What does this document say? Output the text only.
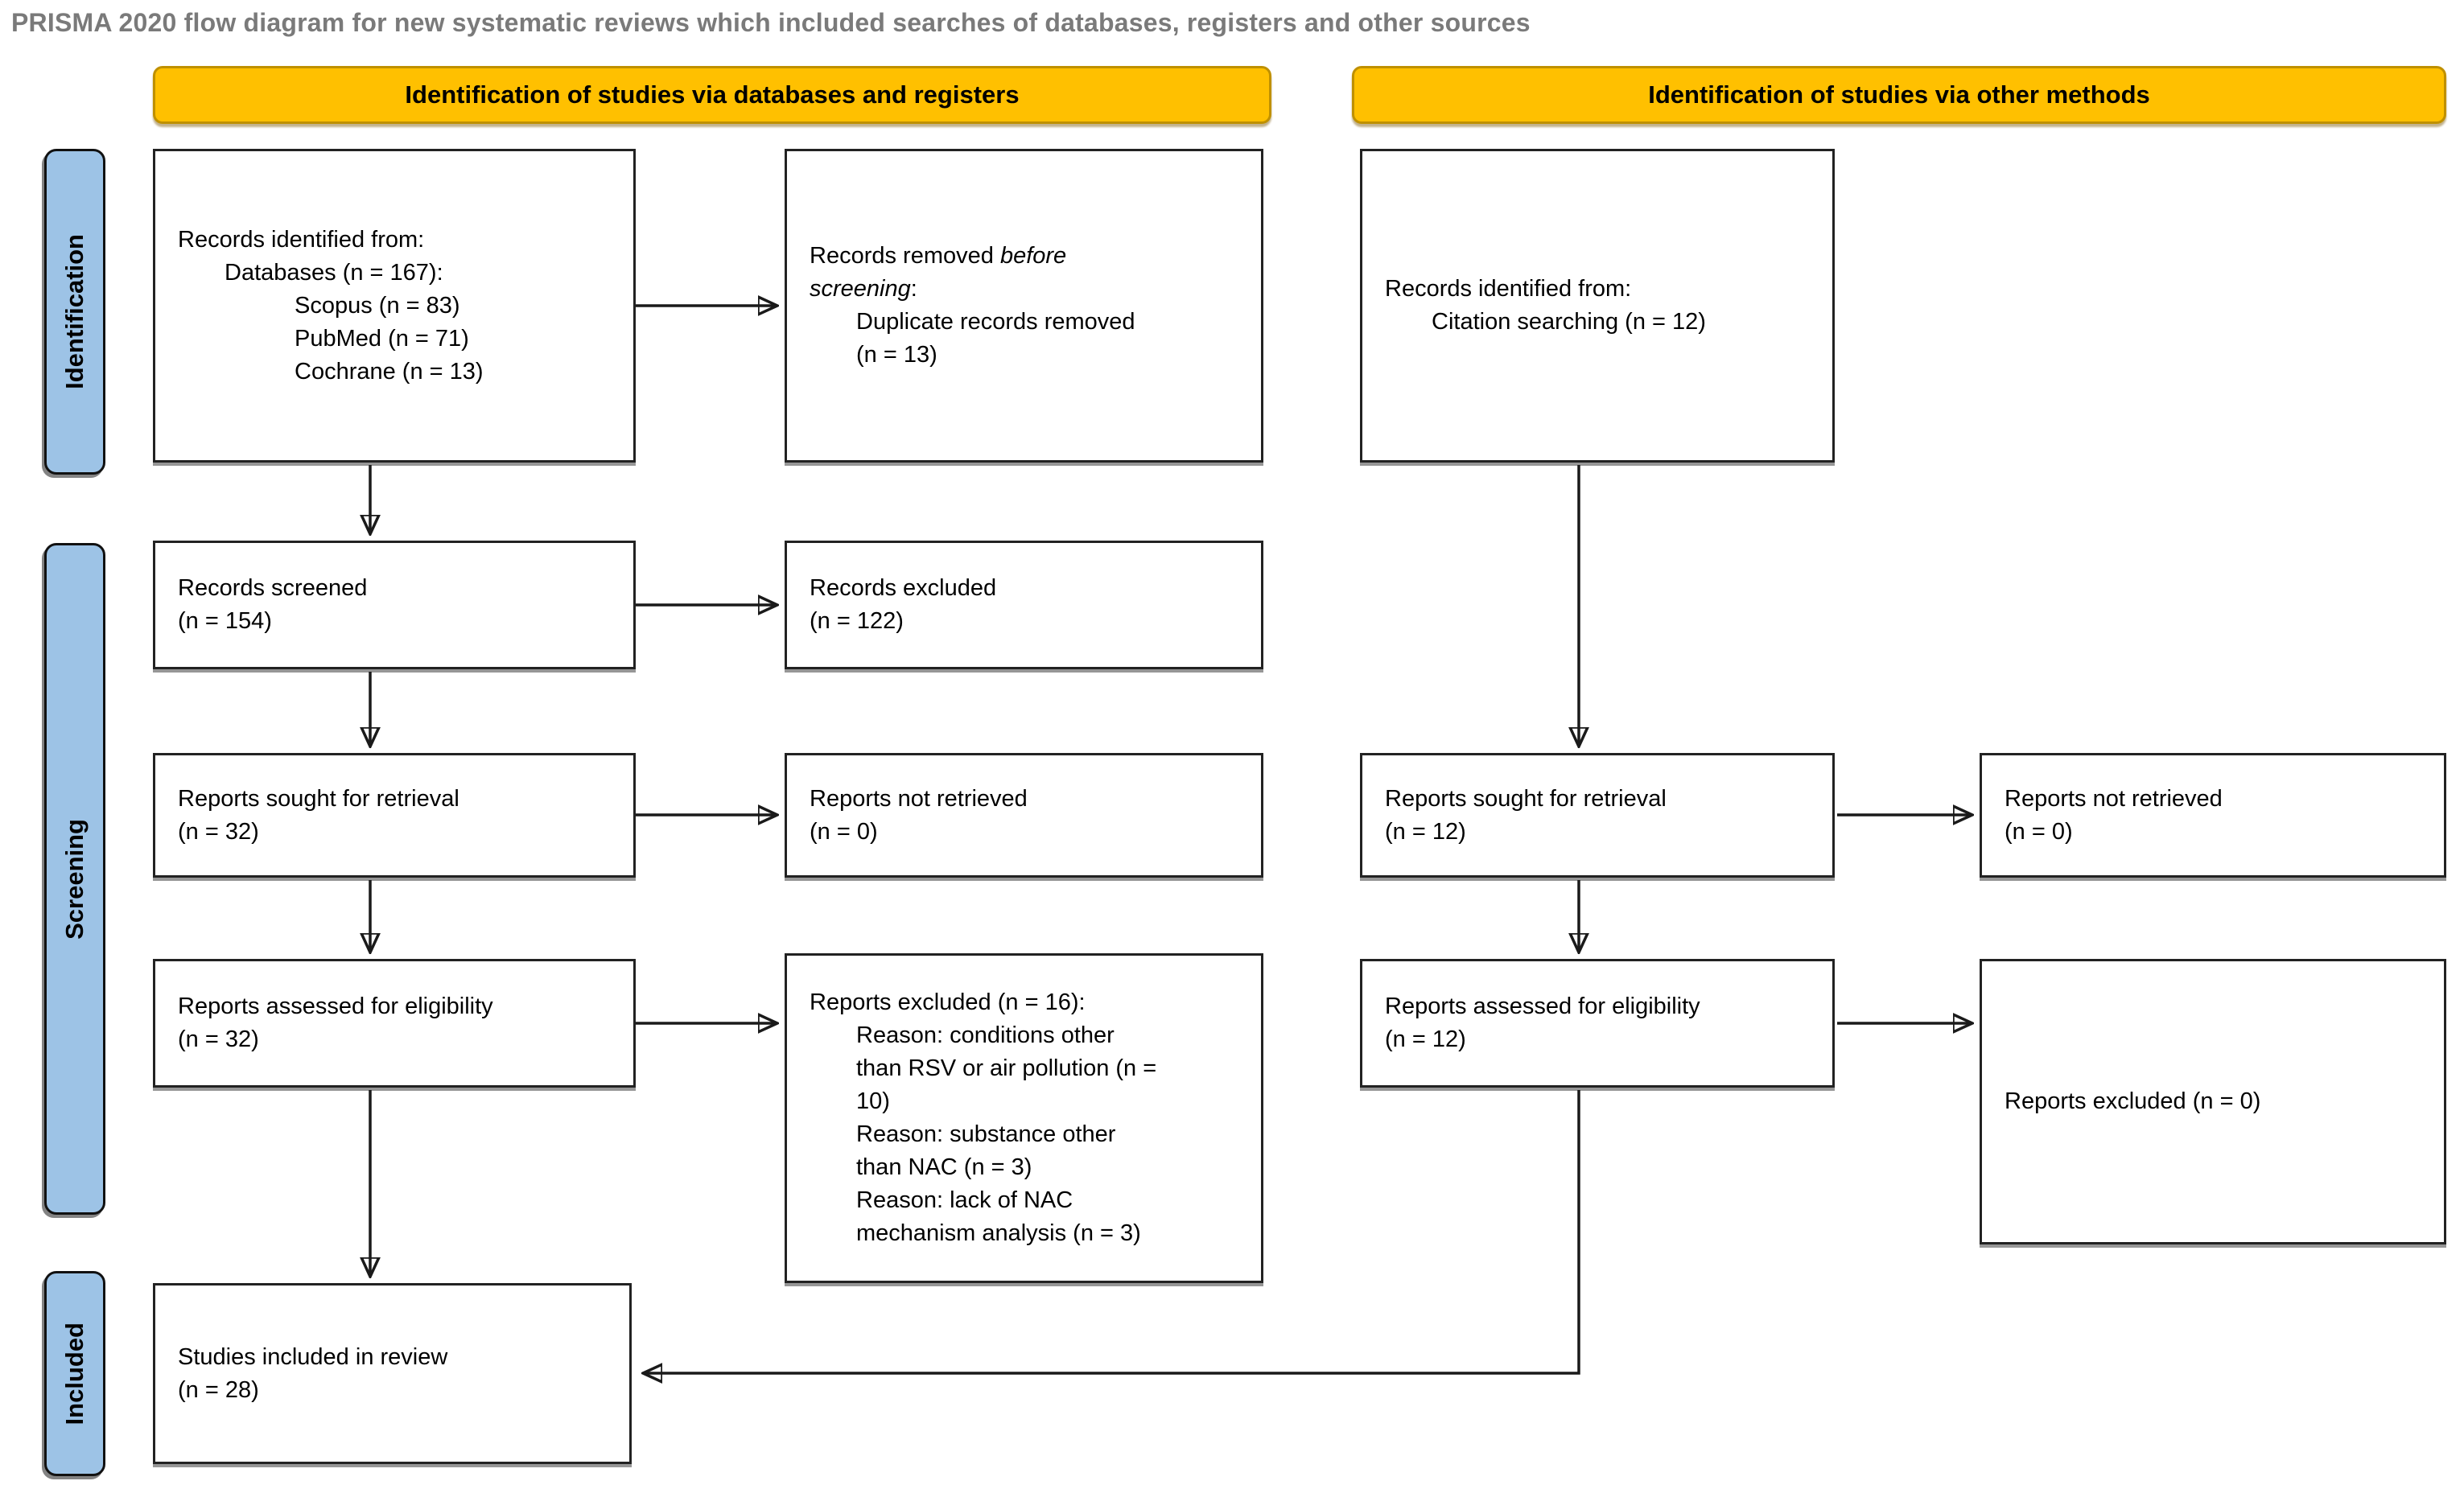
PRISMA 2020 flow diagram for new systematic reviews which included searches of databases, registers and other sources
Identification of studies via databases and registers	Identification of studies via other methods
Identification
Screening
Included
Records identified from:
Databases (n = 167):
Scopus (n = 83)
PubMed (n = 71)
Cochrane (n = 13)
Records removed before
screening:
Duplicate records removed
(n = 13)
Records identified from:
Citation searching (n = 12)
Records screened
(n = 154)
Records excluded
(n = 122)
Reports sought for retrieval
(n = 32)
Reports not retrieved
(n = 0)
Reports sought for retrieval
(n = 12)
Reports not retrieved
(n = 0)
Reports assessed for eligibility
(n = 32)
Reports excluded (n = 16):
Reason: conditions other
than RSV or air pollution (n =
10)
Reason: substance other
than NAC (n = 3)
Reason: lack of NAC
mechanism analysis (n = 3)
Reports assessed for eligibility
(n = 12)
Reports excluded (n = 0)
Studies included in review
(n = 28)
